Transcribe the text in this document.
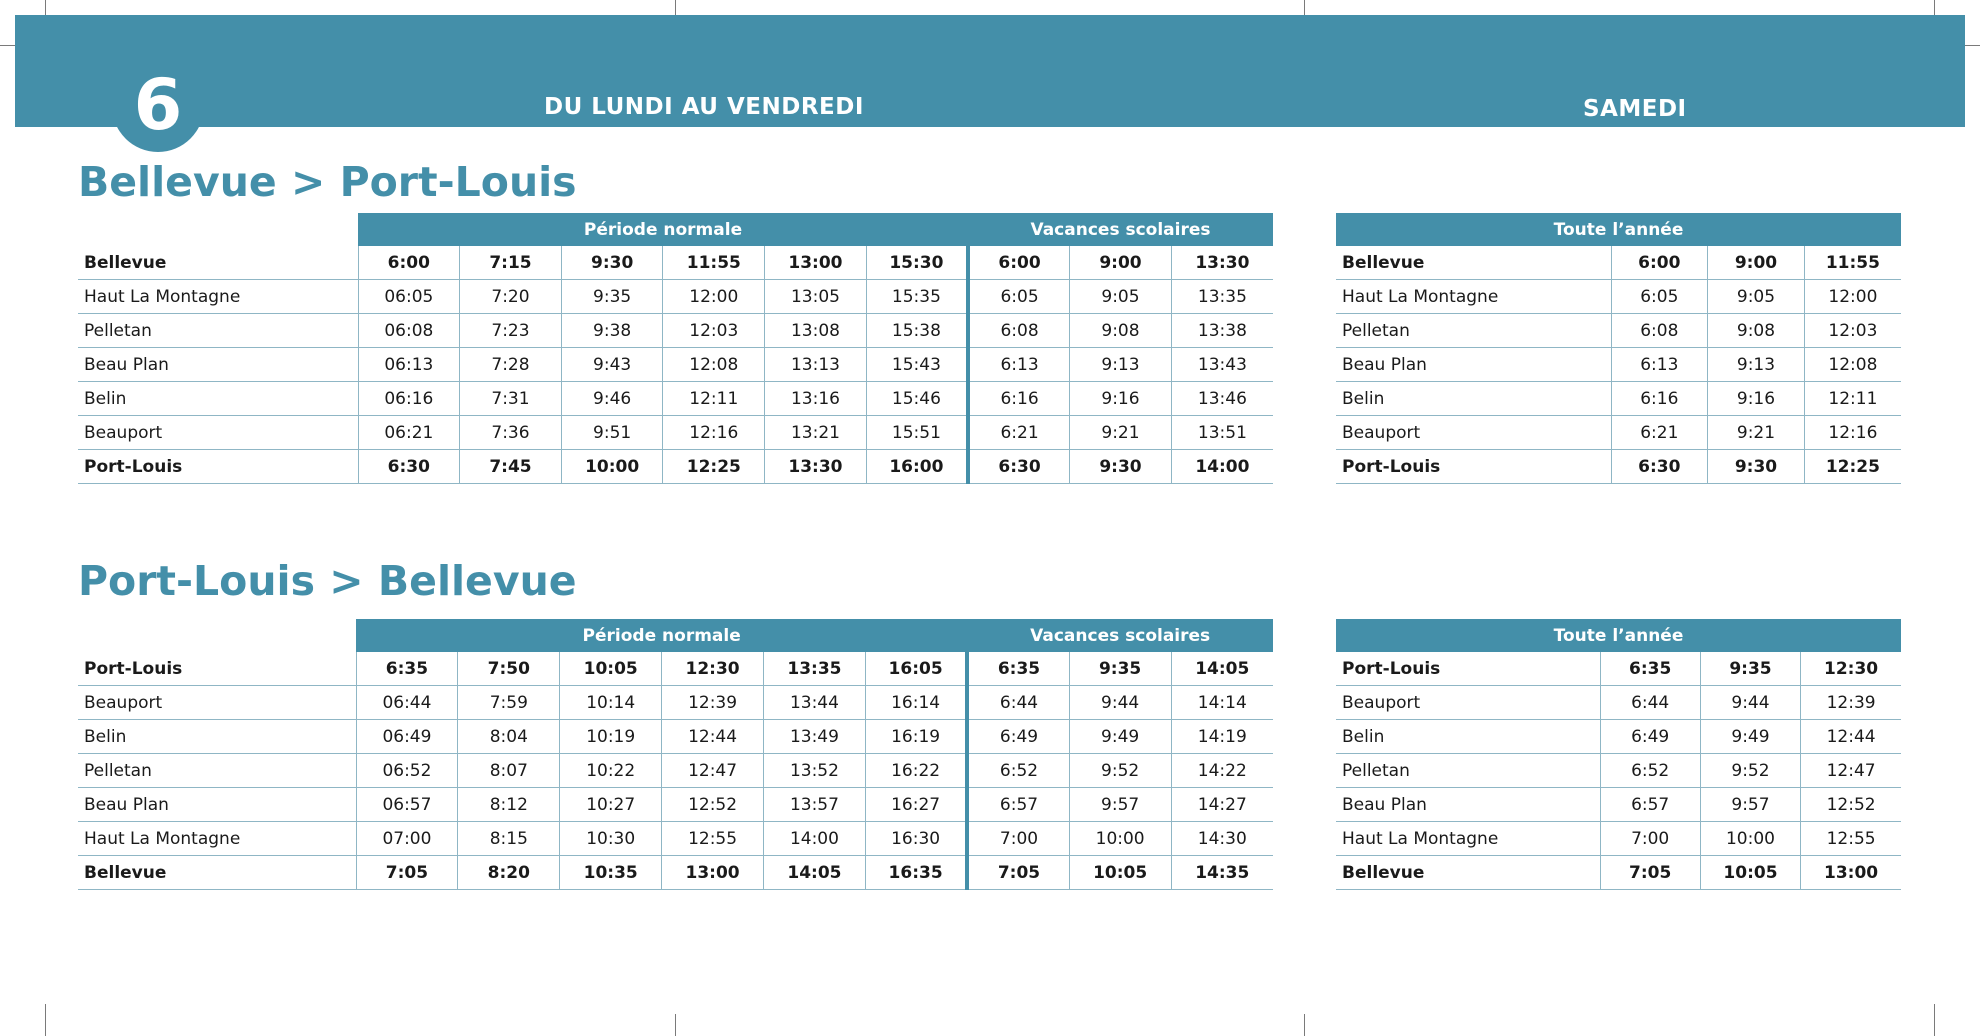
6	DU LUNDI AU VENDREDI	SAMEDI
Bellevue > Port-Louis
Port-Louis > Bellevue
	Période normale						Vacances scolaires		
Bellevue	6:00	7:15	9:30	11:55	13:00	15:30	6:00	9:00	13:30
Haut La Montagne	06:05	7:20	9:35	12:00	13:05	15:35	6:05	9:05	13:35
Pelletan	06:08	7:23	9:38	12:03	13:08	15:38	6:08	9:08	13:38
Beau Plan	06:13	7:28	9:43	12:08	13:13	15:43	6:13	9:13	13:43
Belin	06:16	7:31	9:46	12:11	13:16	15:46	6:16	9:16	13:46
Beauport	06:21	7:36	9:51	12:16	13:21	15:51	6:21	9:21	13:51
Port-Louis	6:30	7:45	10:00	12:25	13:30	16:00	6:30	9:30	14:00
Toute l’année			
Bellevue	6:00	9:00	11:55
Haut La Montagne	6:05	9:05	12:00
Pelletan	6:08	9:08	12:03
Beau Plan	6:13	9:13	12:08
Belin	6:16	9:16	12:11
Beauport	6:21	9:21	12:16
Port-Louis	6:30	9:30	12:25
	Période normale						Vacances scolaires		
Port-Louis	6:35	7:50	10:05	12:30	13:35	16:05	6:35	9:35	14:05
Beauport	06:44	7:59	10:14	12:39	13:44	16:14	6:44	9:44	14:14
Belin	06:49	8:04	10:19	12:44	13:49	16:19	6:49	9:49	14:19
Pelletan	06:52	8:07	10:22	12:47	13:52	16:22	6:52	9:52	14:22
Beau Plan	06:57	8:12	10:27	12:52	13:57	16:27	6:57	9:57	14:27
Haut La Montagne	07:00	8:15	10:30	12:55	14:00	16:30	7:00	10:00	14:30
Bellevue	7:05	8:20	10:35	13:00	14:05	16:35	7:05	10:05	14:35
Toute l’année			
Port-Louis	6:35	9:35	12:30
Beauport	6:44	9:44	12:39
Belin	6:49	9:49	12:44
Pelletan	6:52	9:52	12:47
Beau Plan	6:57	9:57	12:52
Haut La Montagne	7:00	10:00	12:55
Bellevue	7:05	10:05	13:00
